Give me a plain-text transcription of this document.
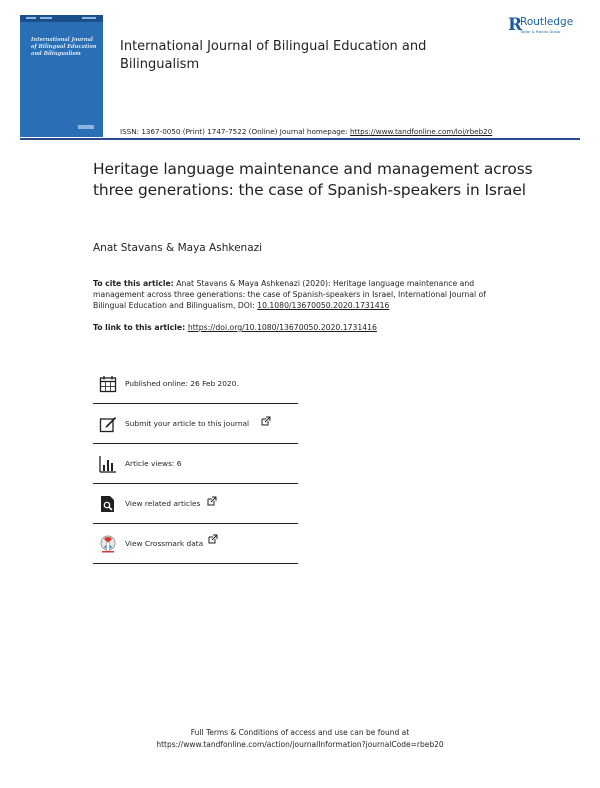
International Journal of Bilingual Education and Bilingualism
R
Routledge
Taylor & Francis Group
International Journal of Bilingual Education and Bilingualism
ISSN: 1367-0050 (Print) 1747-7522 (Online) Journal homepage: https://www.tandfonline.com/loi/rbeb20
Heritage language maintenance and management across three generations: the case of Spanish-speakers in Israel
Anat Stavans & Maya Ashkenazi
To cite this article: Anat Stavans & Maya Ashkenazi (2020): Heritage language maintenance and management across three generations: the case of Spanish-speakers in Israel, International Journal of Bilingual Education and Bilingualism, DOI: 10.1080/13670050.2020.1731416
To link to this article: https://doi.org/10.1080/13670050.2020.1731416
Published online: 26 Feb 2020.
Submit your article to this journal
Article views: 6
View related articles
View Crossmark data
Full Terms & Conditions of access and use can be found at
https://www.tandfonline.com/action/journalInformation?journalCode=rbeb20
